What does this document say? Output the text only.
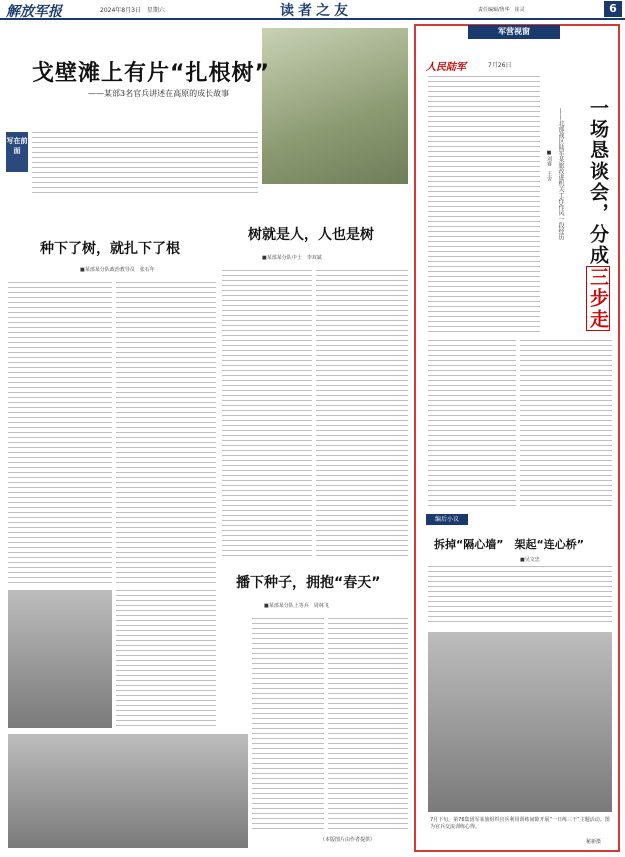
解放军报	2024年8月3日　星期六	读者之友	责任编辑/鲁华　崔灵	6
戈壁滩上有片“扎根树”
——某部3名官兵讲述在高原的成长故事
写在前面
种下了树，就扎下了根
■某部某分队政治教导员　张石年
树就是人，人也是树
■某部某分队中士　李双斌
播下种子，拥抱“春天”
■某部某分队上等兵　周林飞
（本版图片由作者提供）
军营视窗
人民陆军	7月26日
一场恳谈会，分成三步走
——北部战区陆军某旅改进机关工作作风一段经历
■刘睿　王舍
编后小议
拆掉“隔心墙”　架起“连心桥”
■吴文忠
7月下旬，第76集团军某旅组织官兵利用训练间隙开展“一日练三干”主题活动。图为官兵交流训练心得。
秘新摄
